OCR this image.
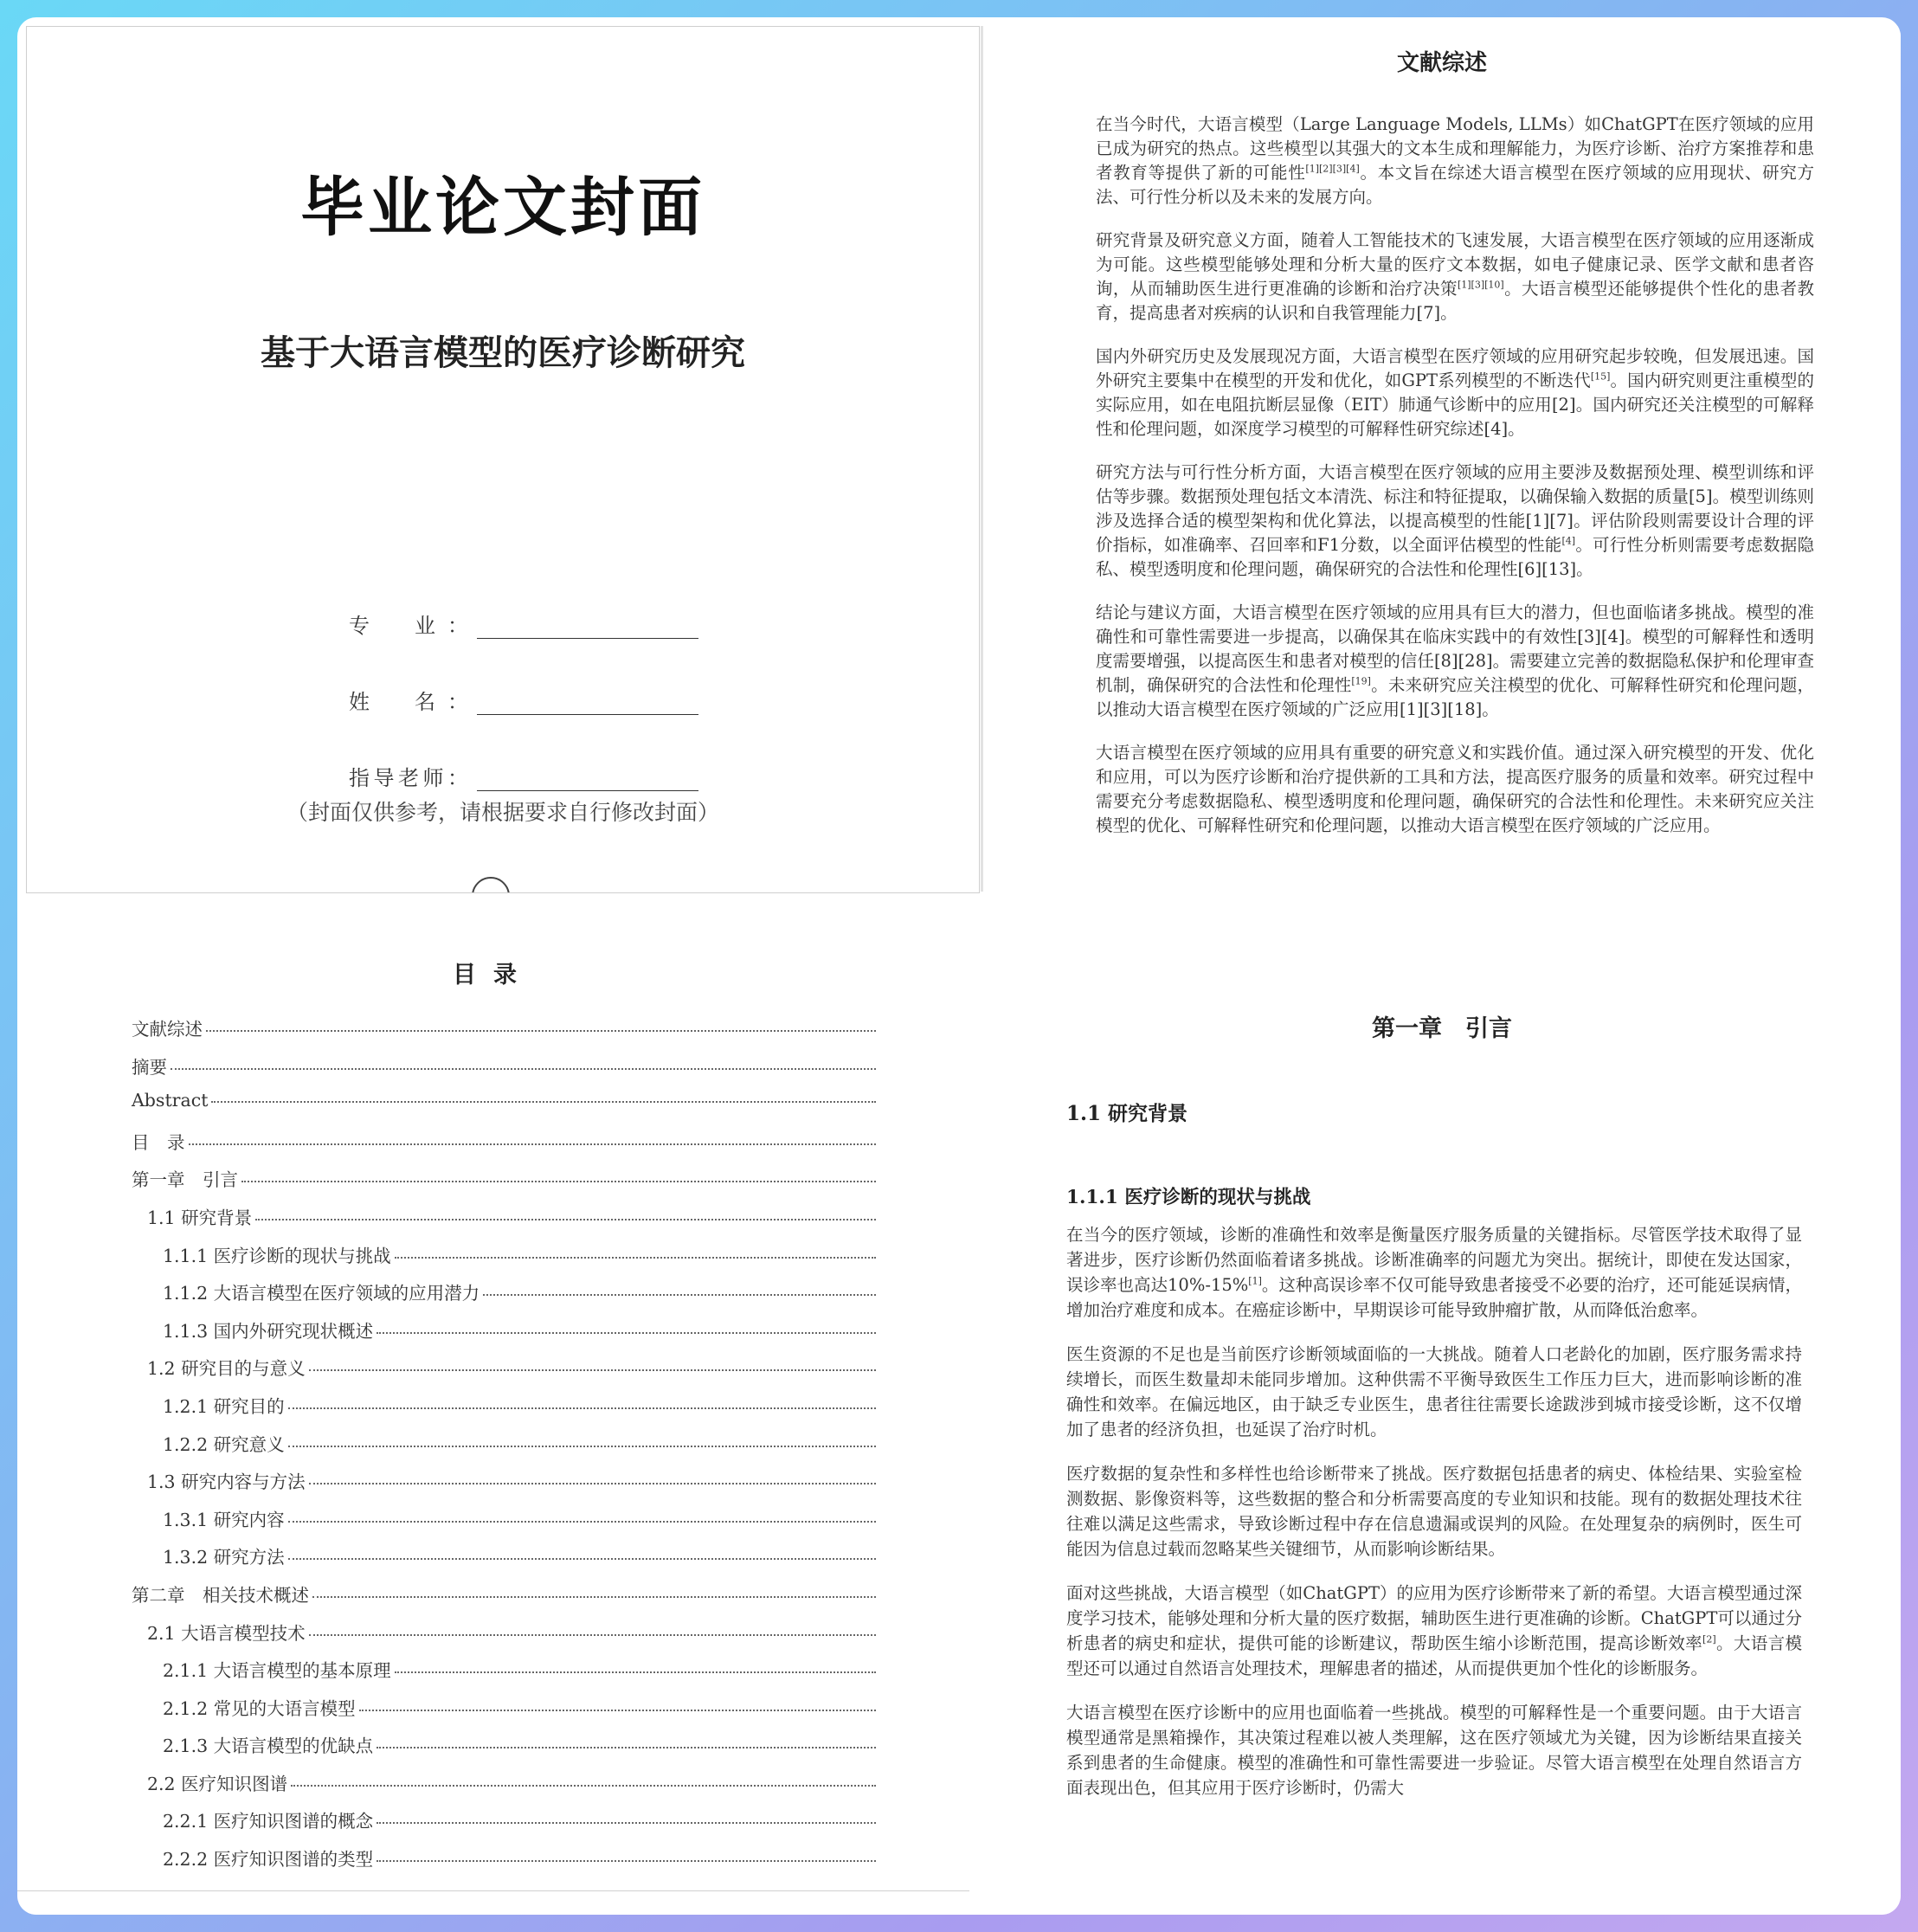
毕业论文封面
基于大语言模型的医疗诊断研究
专　业：
姓　名：
指导老师：
（封面仅供参考，请根据要求自行修改封面）
文献综述

在当今时代，大语言模型（Large Language Models, LLMs）如ChatGPT在医疗领域的应用已成为研究的热点。这些模型以其强大的文本生成和理解能力，为医疗诊断、治疗方案推荐和患者教育等提供了新的可能性[1][2][3][4]。本文旨在综述大语言模型在医疗领域的应用现状、研究方法、可行性分析以及未来的发展方向。

研究背景及研究意义方面，随着人工智能技术的飞速发展，大语言模型在医疗领域的应用逐渐成为可能。这些模型能够处理和分析大量的医疗文本数据，如电子健康记录、医学文献和患者咨询，从而辅助医生进行更准确的诊断和治疗决策[1][3][10]。大语言模型还能够提供个性化的患者教育，提高患者对疾病的认识和自我管理能力[7]。

国内外研究历史及发展现况方面，大语言模型在医疗领域的应用研究起步较晚，但发展迅速。国外研究主要集中在模型的开发和优化，如GPT系列模型的不断迭代[15]。国内研究则更注重模型的实际应用，如在电阻抗断层显像（EIT）肺通气诊断中的应用[2]。国内研究还关注模型的可解释性和伦理问题，如深度学习模型的可解释性研究综述[4]。

研究方法与可行性分析方面，大语言模型在医疗领域的应用主要涉及数据预处理、模型训练和评估等步骤。数据预处理包括文本清洗、标注和特征提取，以确保输入数据的质量[5]。模型训练则涉及选择合适的模型架构和优化算法，以提高模型的性能[1][7]。评估阶段则需要设计合理的评价指标，如准确率、召回率和F1分数，以全面评估模型的性能[4]。可行性分析则需要考虑数据隐私、模型透明度和伦理问题，确保研究的合法性和伦理性[6][13]。

结论与建议方面，大语言模型在医疗领域的应用具有巨大的潜力，但也面临诸多挑战。模型的准确性和可靠性需要进一步提高，以确保其在临床实践中的有效性[3][4]。模型的可解释性和透明度需要增强，以提高医生和患者对模型的信任[8][28]。需要建立完善的数据隐私保护和伦理审查机制，确保研究的合法性和伦理性[19]。未来研究应关注模型的优化、可解释性研究和伦理问题，以推动大语言模型在医疗领域的广泛应用[1][3][18]。

大语言模型在医疗领域的应用具有重要的研究意义和实践价值。通过深入研究模型的开发、优化和应用，可以为医疗诊断和治疗提供新的工具和方法，提高医疗服务的质量和效率。研究过程中需要充分考虑数据隐私、模型透明度和伦理问题，确保研究的合法性和伦理性。未来研究应关注模型的优化、可解释性研究和伦理问题，以推动大语言模型在医疗领域的广泛应用。

目录
文献综述
摘要
Abstract
目　录
第一章　引言
1.1 研究背景
1.1.1 医疗诊断的现状与挑战
1.1.2 大语言模型在医疗领域的应用潜力
1.1.3 国内外研究现状概述
1.2 研究目的与意义
1.2.1 研究目的
1.2.2 研究意义
1.3 研究内容与方法
1.3.1 研究内容
1.3.2 研究方法
第二章　相关技术概述
2.1 大语言模型技术
2.1.1 大语言模型的基本原理
2.1.2 常见的大语言模型
2.1.3 大语言模型的优缺点
2.2 医疗知识图谱
2.2.1 医疗知识图谱的概念
2.2.2 医疗知识图谱的类型
第一章　引言
1.1 研究背景
1.1.1 医疗诊断的现状与挑战

在当今的医疗领域，诊断的准确性和效率是衡量医疗服务质量的关键指标。尽管医学技术取得了显著进步，医疗诊断仍然面临着诸多挑战。诊断准确率的问题尤为突出。据统计，即使在发达国家，误诊率也高达10%-15%[1]。这种高误诊率不仅可能导致患者接受不必要的治疗，还可能延误病情，增加治疗难度和成本。在癌症诊断中，早期误诊可能导致肿瘤扩散，从而降低治愈率。

医生资源的不足也是当前医疗诊断领域面临的一大挑战。随着人口老龄化的加剧，医疗服务需求持续增长，而医生数量却未能同步增加。这种供需不平衡导致医生工作压力巨大，进而影响诊断的准确性和效率。在偏远地区，由于缺乏专业医生，患者往往需要长途跋涉到城市接受诊断，这不仅增加了患者的经济负担，也延误了治疗时机。

医疗数据的复杂性和多样性也给诊断带来了挑战。医疗数据包括患者的病史、体检结果、实验室检测数据、影像资料等，这些数据的整合和分析需要高度的专业知识和技能。现有的数据处理技术往往难以满足这些需求，导致诊断过程中存在信息遗漏或误判的风险。在处理复杂的病例时，医生可能因为信息过载而忽略某些关键细节，从而影响诊断结果。

面对这些挑战，大语言模型（如ChatGPT）的应用为医疗诊断带来了新的希望。大语言模型通过深度学习技术，能够处理和分析大量的医疗数据，辅助医生进行更准确的诊断。ChatGPT可以通过分析患者的病史和症状，提供可能的诊断建议，帮助医生缩小诊断范围，提高诊断效率[2]。大语言模型还可以通过自然语言处理技术，理解患者的描述，从而提供更加个性化的诊断服务。

大语言模型在医疗诊断中的应用也面临着一些挑战。模型的可解释性是一个重要问题。由于大语言模型通常是黑箱操作，其决策过程难以被人类理解，这在医疗领域尤为关键，因为诊断结果直接关系到患者的生命健康。模型的准确性和可靠性需要进一步验证。尽管大语言模型在处理自然语言方面表现出色，但其应用于医疗诊断时，仍需大
